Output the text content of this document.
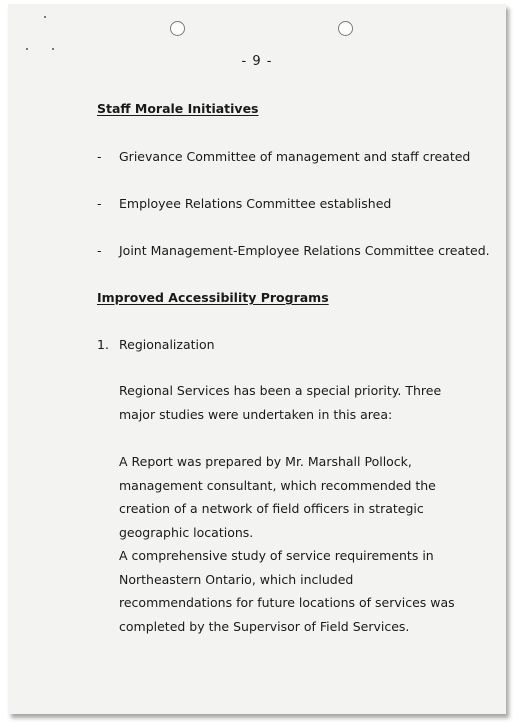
- 9 -
Staff Morale Initiatives
- Grievance Committee of management and staff created
- Employee Relations Committee established
- Joint Management-Employee Relations Committee created.
Improved Accessibility Programs
1. Regionalization
Regional Services has been a special priority. Three major studies were undertaken in this area:
A Report was prepared by Mr. Marshall Pollock, management consultant, which recommended the creation of a network of field officers in strategic geographic locations.
A comprehensive study of service requirements in Northeastern Ontario, which included recommendations for future locations of services was completed by the Supervisor of Field Services.
